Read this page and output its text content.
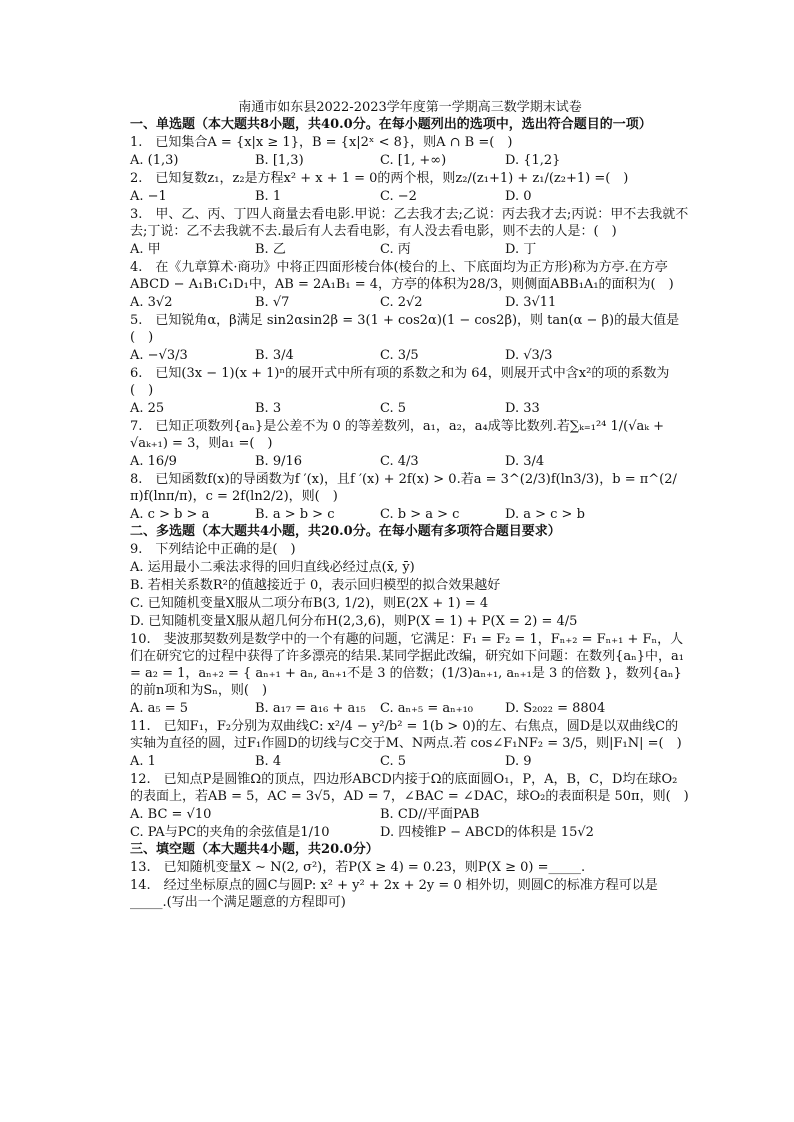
南通市如东县2022-2023学年度第一学期高三数学期末试卷
一、单选题（本大题共8小题，共40.0分。在每小题列出的选项中，选出符合题目的一项）
1.　已知集合A = {x|x ≥ 1}，B = {x|2ˣ < 8}，则A ∩ B =(　)
A. (1,3)	B. [1,3)	C. [1, +∞)	D. {1,2}
2.　已知复数z₁，z₂是方程x² + x + 1 = 0的两个根，则z₂/(z₁+1) + z₁/(z₂+1) =(　)
A. −1	B. 1	C. −2	D. 0
3.　甲、乙、丙、丁四人商量去看电影.甲说：乙去我才去;乙说：丙去我才去;丙说：甲不去我就不去;丁说：乙不去我就不去.最后有人去看电影，有人没去看电影，则不去的人是：(　)
A. 甲	B. 乙	C. 丙	D. 丁
4.　在《九章算术·商功》中将正四面形棱台体(棱台的上、下底面均为正方形)称为方亭.在方亭ABCD − A₁B₁C₁D₁中，AB = 2A₁B₁ = 4，方亭的体积为28/3，则侧面ABB₁A₁的面积为(　)
A. 3√2	B. √7	C. 2√2	D. 3√11
5.　已知锐角α，β满足 sin2αsin2β = 3(1 + cos2α)(1 − cos2β)，则 tan(α − β)的最大值是(　)
A. −√3/3	B. 3/4	C. 3/5	D. √3/3
6.　已知(3x − 1)(x + 1)ⁿ的展开式中所有项的系数之和为 64，则展开式中含x²的项的系数为(　)
A. 25	B. 3	C. 5	D. 33
7.　已知正项数列{aₙ}是公差不为 0 的等差数列，a₁，a₂，a₄成等比数列.若∑ₖ₌₁²⁴ 1/(√aₖ + √aₖ₊₁) = 3，则a₁ =(　)
A. 16/9	B. 9/16	C. 4/3	D. 3/4
8.　已知函数f(x)的导函数为f ′(x)，且f ′(x) + 2f(x) > 0.若a = 3^(2/3)f(ln3/3)，b = π^(2/π)f(lnπ/π)，c = 2f(ln2/2)，则(　)
A. c > b > a	B. a > b > c	C. b > a > c	D. a > c > b
二、多选题（本大题共4小题，共20.0分。在每小题有多项符合题目要求）
9.　下列结论中正确的是(　)
A. 运用最小二乘法求得的回归直线必经过点(x̄, ȳ)
B. 若相关系数R²的值越接近于 0，表示回归模型的拟合效果越好
C. 已知随机变量X服从二项分布B(3, 1/2)，则E(2X + 1) = 4
D. 已知随机变量X服从超几何分布H(2,3,6)，则P(X = 1) + P(X = 2) = 4/5
10.　斐波那契数列是数学中的一个有趣的问题，它满足：F₁ = F₂ = 1，Fₙ₊₂ = Fₙ₊₁ + Fₙ，人们在研究它的过程中获得了许多漂亮的结果.某同学据此改编，研究如下问题：在数列{aₙ}中，a₁ = a₂ = 1，aₙ₊₂ = { aₙ₊₁ + aₙ, aₙ₊₁不是 3 的倍数；(1/3)aₙ₊₁, aₙ₊₁是 3 的倍数 }，数列{aₙ}的前n项和为Sₙ，则(　)
A. a₅ = 5	B. a₁₇ = a₁₆ + a₁₅	C. aₙ₊₅ = aₙ₊₁₀	D. S₂₀₂₂ = 8804
11.　已知F₁，F₂分别为双曲线C: x²/4 − y²/b² = 1(b > 0)的左、右焦点，圆D是以双曲线C的实轴为直径的圆，过F₁作圆D的切线与C交于M、N两点.若 cos∠F₁NF₂ = 3/5，则|F₁N| =(　)
A. 1	B. 4	C. 5	D. 9
12.　已知点P是圆锥Ω的顶点，四边形ABCD内接于Ω的底面圆O₁，P，A，B，C，D均在球O₂的表面上，若AB = 5，AC = 3√5，AD = 7，∠BAC = ∠DAC，球O₂的表面积是 50π，则(　)
A. BC = √10	B. CD//平面PAB
C. PA与PC的夹角的余弦值是1/10	D. 四棱锥P − ABCD的体积是 15√2
三、填空题（本大题共4小题，共20.0分）
13.　已知随机变量X ∼ N(2, σ²)，若P(X ≥ 4) = 0.23，则P(X ≥ 0) =_____.
14.　经过坐标原点的圆C与圆P: x² + y² + 2x + 2y = 0 相外切，则圆C的标准方程可以是_____.(写出一个满足题意的方程即可)
